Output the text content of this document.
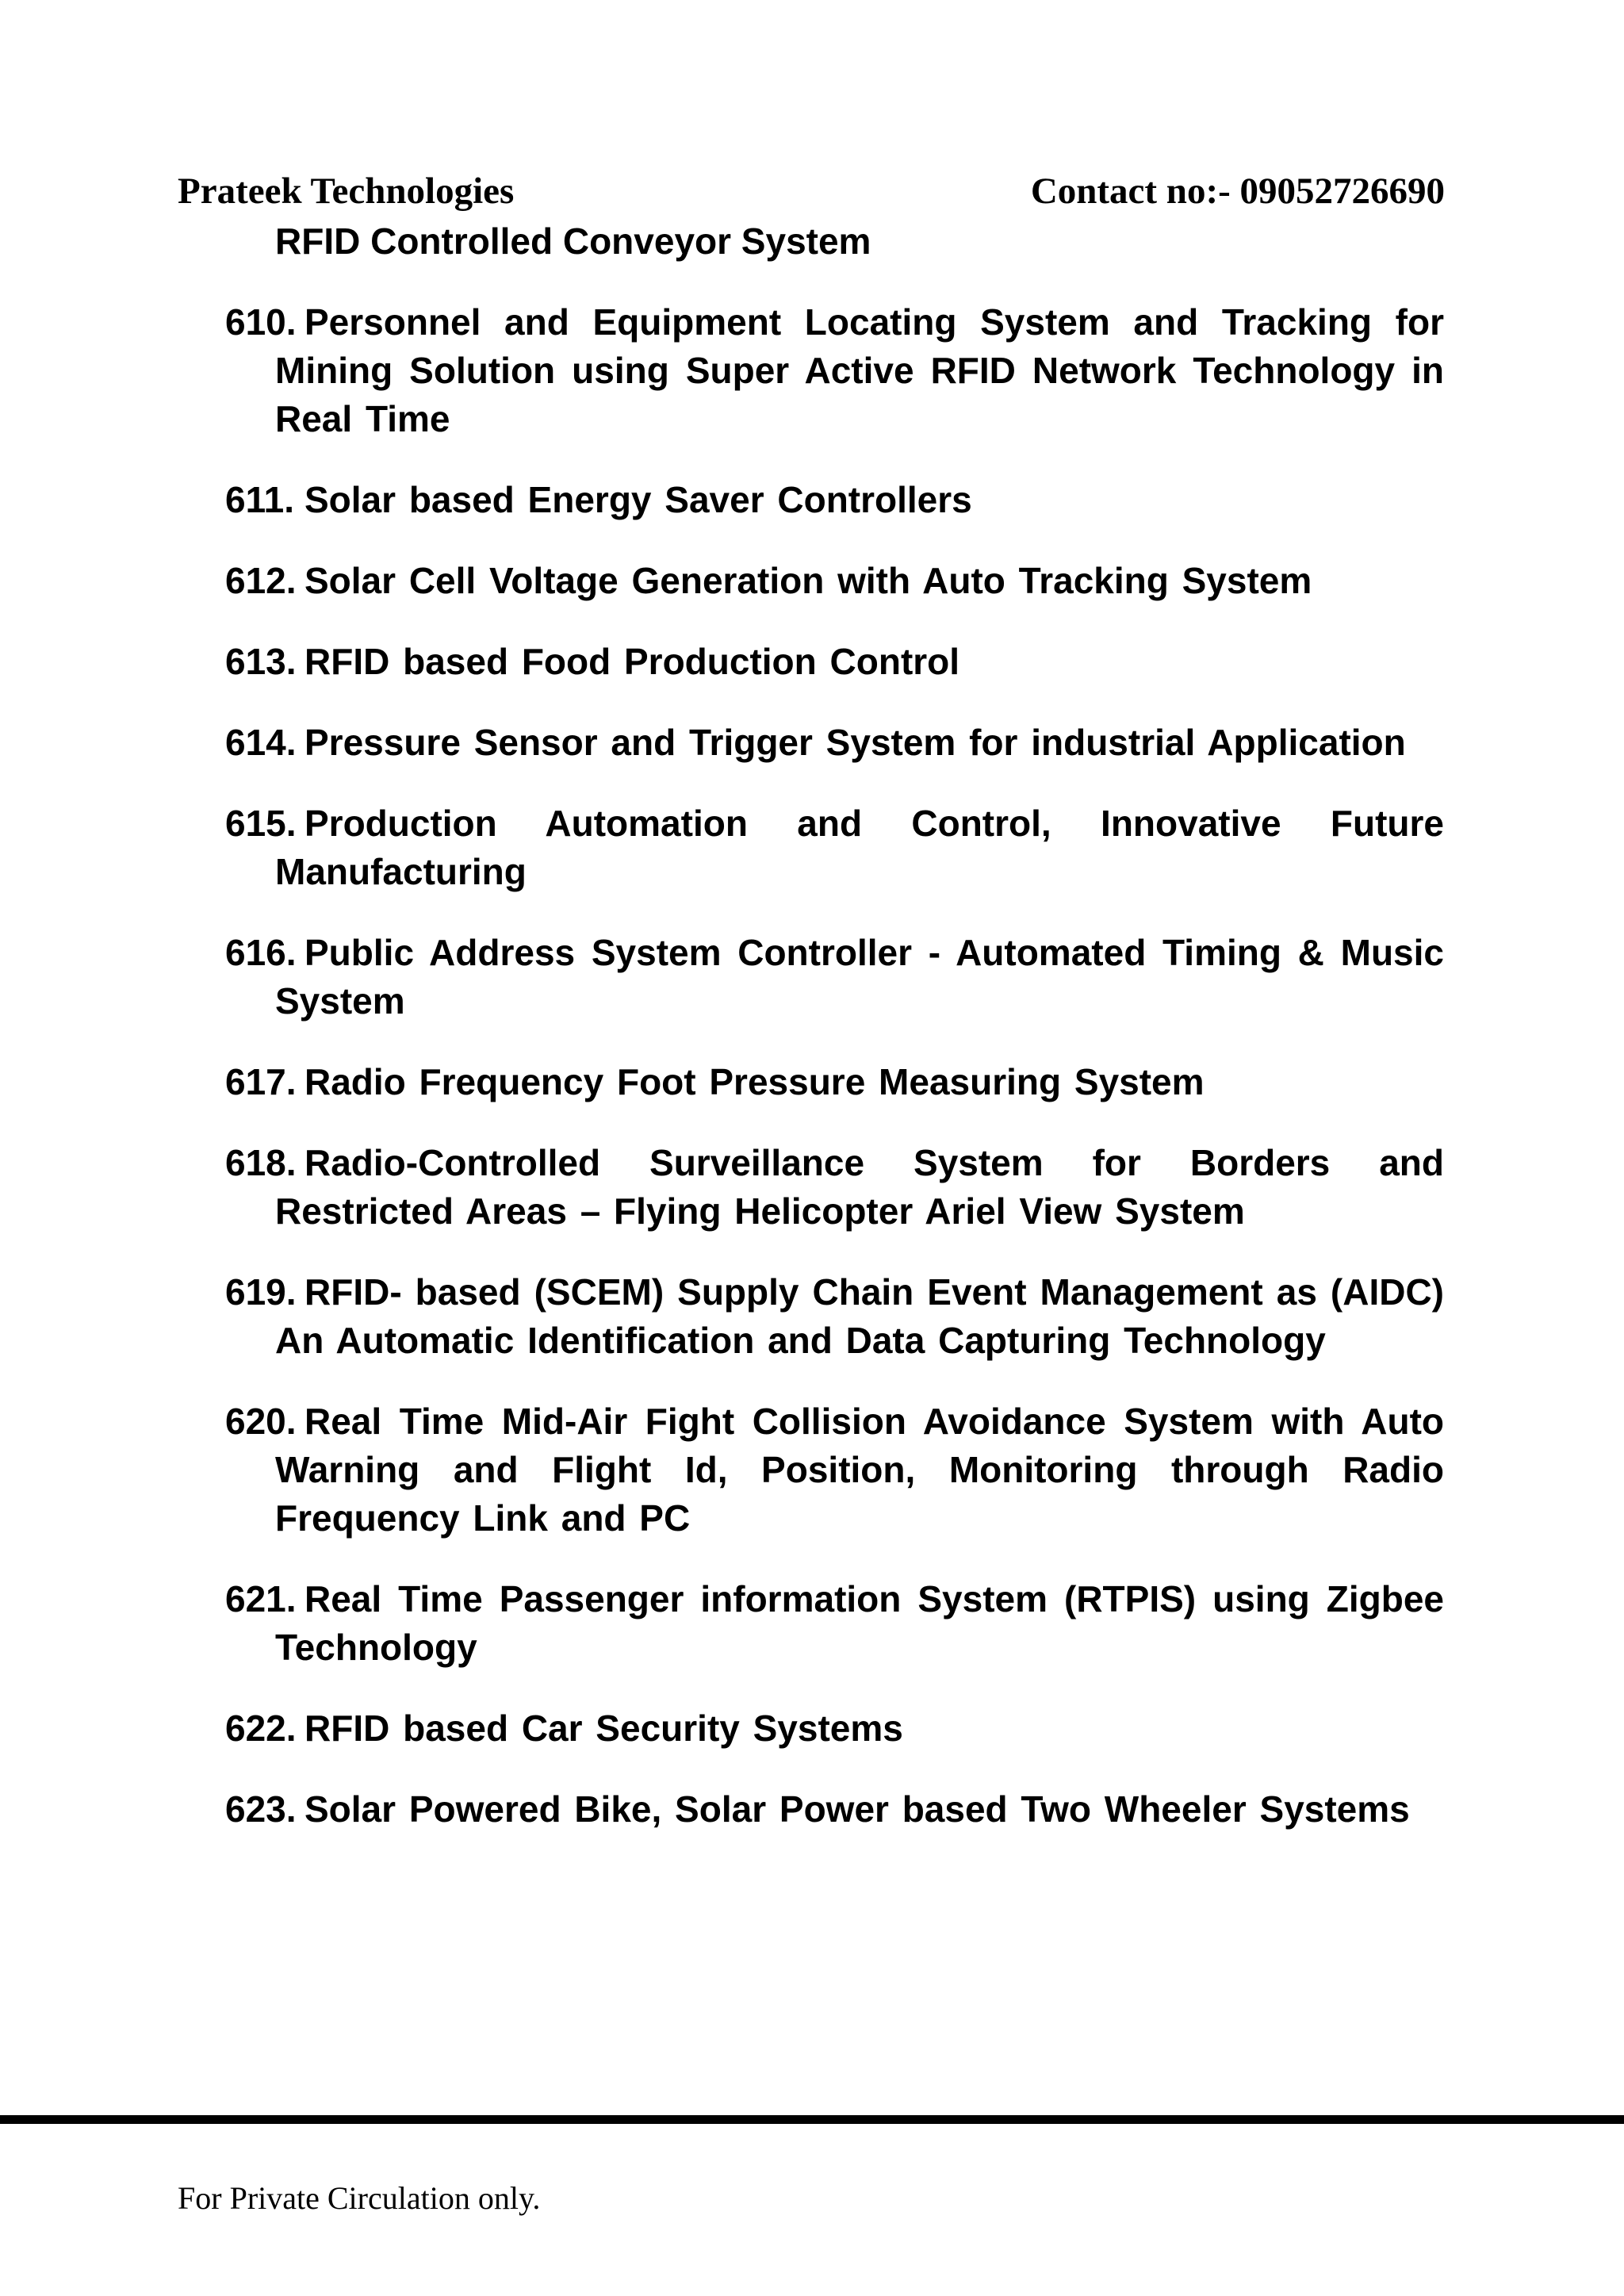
Prateek Technologies	Contact no:- 09052726690

RFID Controlled Conveyor System

610. Personnel and Equipment Locating System and Tracking for Mining Solution using Super Active RFID Network Technology in Real Time

611. Solar based Energy Saver Controllers

612. Solar Cell Voltage Generation with Auto Tracking System

613. RFID based Food Production Control

614. Pressure Sensor and Trigger System for industrial Application

615. Production Automation and Control, Innovative Future Manufacturing

616. Public Address System Controller - Automated Timing & Music System

617. Radio Frequency Foot Pressure Measuring System

618. Radio-Controlled Surveillance System for Borders and Restricted Areas – Flying Helicopter Ariel View System

619. RFID- based (SCEM) Supply Chain Event Management as (AIDC) An Automatic Identification and Data Capturing Technology

620. Real Time Mid-Air Fight Collision Avoidance System with Auto Warning and Flight Id, Position, Monitoring through Radio Frequency Link and PC

621. Real Time Passenger information System (RTPIS) using Zigbee Technology

622. RFID based Car Security Systems

623. Solar Powered Bike, Solar Power based Two Wheeler Systems

For Private Circulation only.
